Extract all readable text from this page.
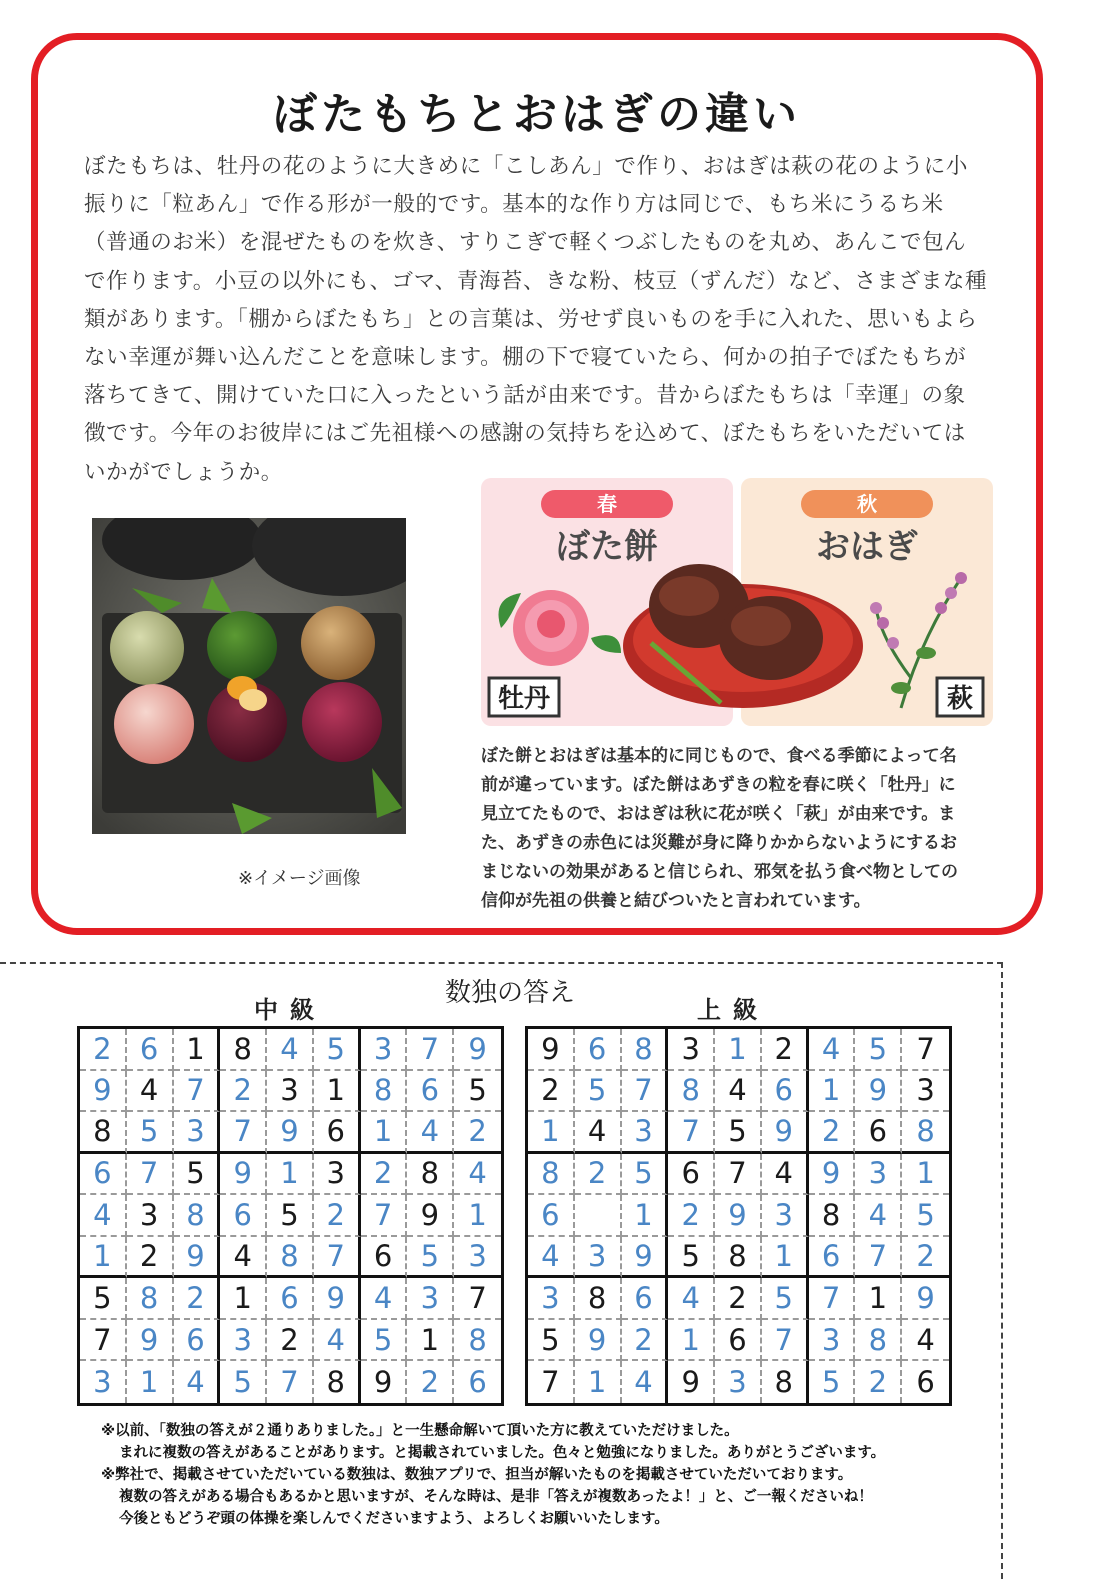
ぼたもちとおはぎの違い
ぼたもちは、牡丹の花のように大きめに「こしあん」で作り、おはぎは萩の花のように小
振りに「粒あん」で作る形が一般的です。基本的な作り方は同じで、もち米にうるち米
（普通のお米）を混ぜたものを炊き、すりこぎで軽くつぶしたものを丸め、あんこで包ん
で作ります。小豆の以外にも、ゴマ、青海苔、きな粉、枝豆（ずんだ）など、さまざまな種
類があります。「棚からぼたもち」との言葉は、労せず良いものを手に入れた、思いもよら
ない幸運が舞い込んだことを意味します。棚の下で寝ていたら、何かの拍子でぼたもちが
落ちてきて、開けていた口に入ったという話が由来です。昔からぼたもちは「幸運」の象
徴です。今年のお彼岸にはご先祖様への感謝の気持ちを込めて、ぼたもちをいただいては
いかがでしょうか。
※イメージ画像
春
ぼた餅
秋
おはぎ
牡丹	萩
ぼた餅とおはぎは基本的に同じもので、食べる季節によって名
前が違っています。ぼた餅はあずきの粒を春に咲く「牡丹」に
見立てたもので、おはぎは秋に花が咲く「萩」が由来です。ま
た、あずきの赤色には災難が身に降りかからないようにするお
まじないの効果があると信じられ、邪気を払う食べ物としての
信仰が先祖の供養と結びついたと言われています。
数独の答え
中級	上級
2 6 1 8 4 5 3 7	9
9 4 7 2 3 1 8 6	5
8 5 3 7 9 6 1 4	2
6 7 5 9 1 3 2 8	4
4 3 8 6 5 2 7 9	1
1 2 9 4 8 7 6 5	3
5 8 2 1 6 9 4 3	7
7 9 6 3 2 4 5 1	8
3 1 4 5 7 8 9 2	6
9 6 8 3 1 2 4 5	7
2 5 7 8 4 6 1 9	3
1 4 3 7 5 9 2 6	8
8 2 5 6 7 4 9 3	1
6	1 2 9 3 8 4	5
4 3 9 5 8 1 6 7	2
3 8 6 4 2 5 7 1	9
5 9 2 1 6 7 3 8	4
7 1 4 9 3 8 5 2	6
※以前、「数独の答えが２通りありました。」と一生懸命解いて頂いた方に教えていただけました。
まれに複数の答えがあることがあります。と掲載されていました。色々と勉強になりました。ありがとうございます。
※弊社で、掲載させていただいている数独は、数独アプリで、担当が解いたものを掲載させていただいております。
複数の答えがある場合もあるかと思いますが、そんな時は、是非「答えが複数あったよ！」と、ご一報くださいね！
今後ともどうぞ頭の体操を楽しんでくださいますよう、よろしくお願いいたします。
